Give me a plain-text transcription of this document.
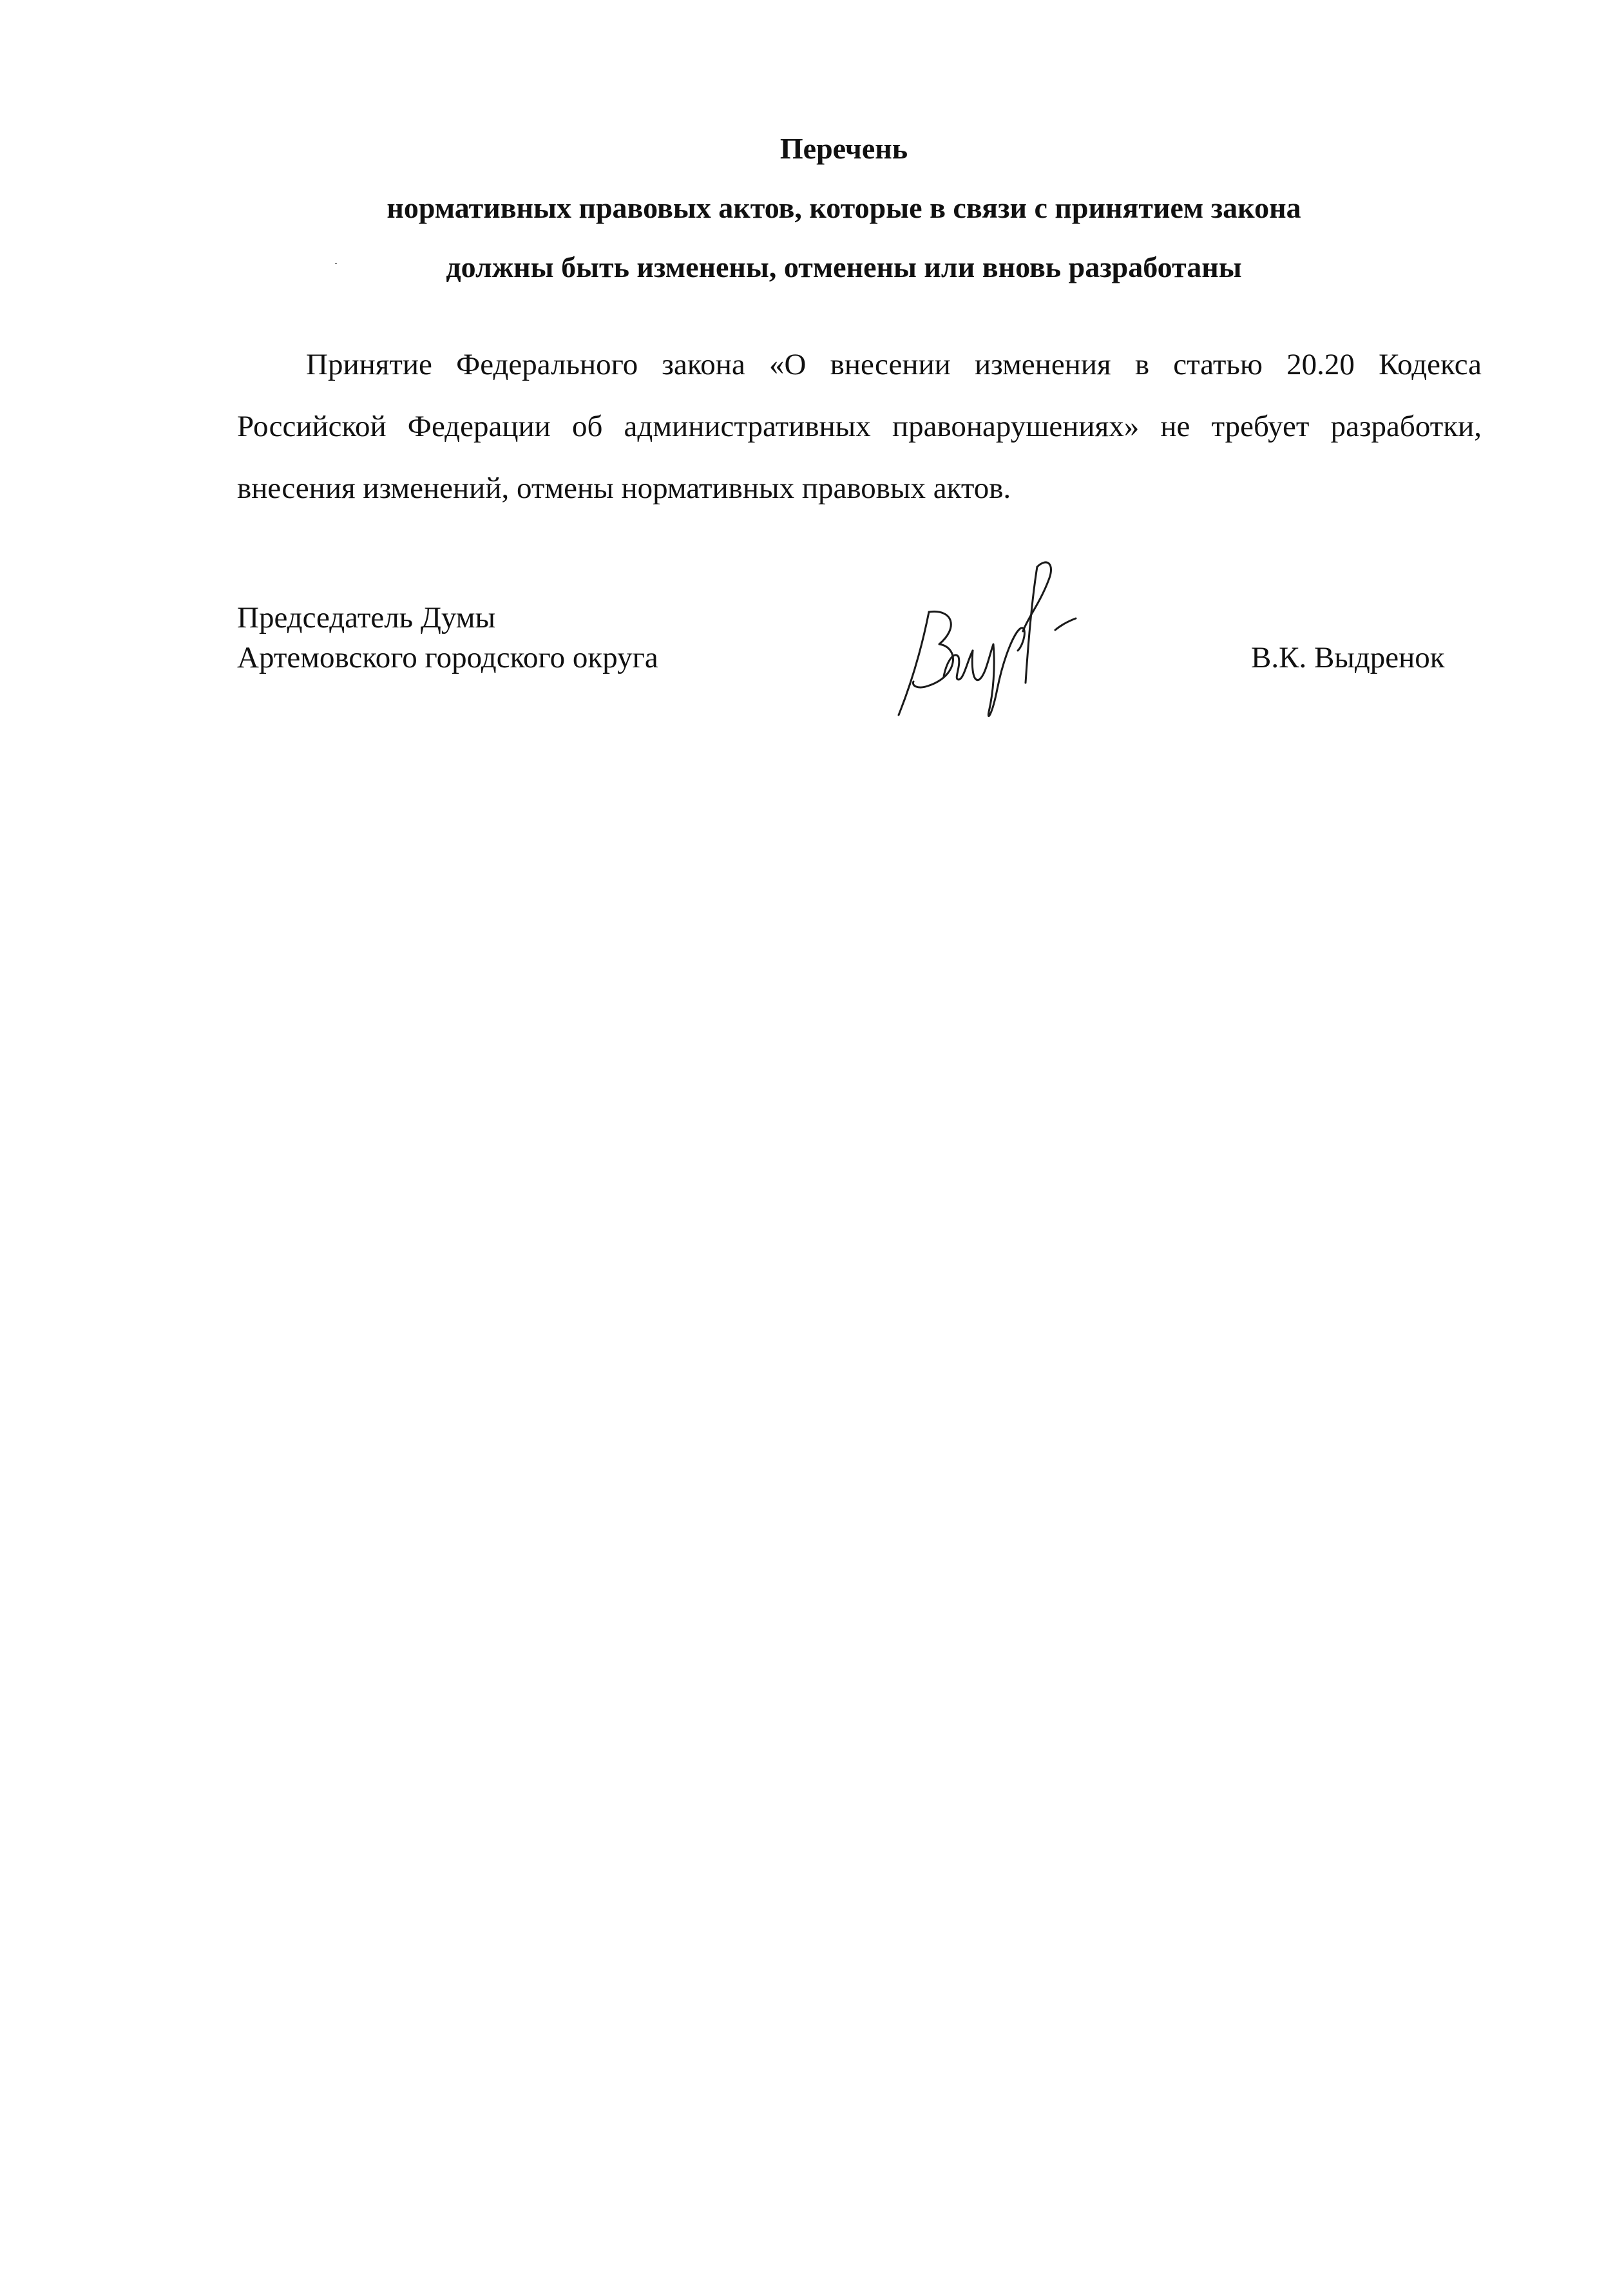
Перечень
нормативных правовых актов, которые в связи с принятием закона
должны быть изменены, отменены или вновь разработаны

Принятие Федерального закона «О внесении изменения в статью 20.20 Кодекса Российской Федерации об административных правонарушениях» не требует разработки, внесения изменений, отмены нормативных правовых актов.

Председатель Думы
Артемовского городского округа	В.К. Выдренок
